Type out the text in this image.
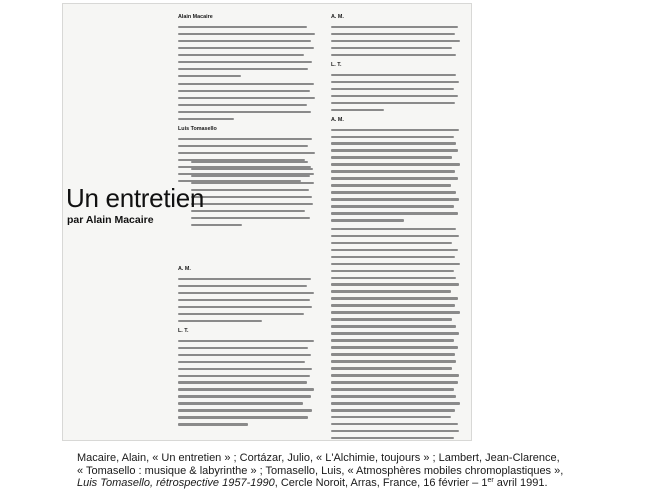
Alain Macaire

Luis Tomasello

Un entretien

par Alain Macaire

A. M.

L. T.

A. M.

L. T.

A. M.

Macaire, Alain, « Un entretien » ; Cortázar, Julio, « L'Alchimie, toujours » ; Lambert, Jean-Clarence,

« Tomasello : musique & labyrinthe » ; Tomasello, Luis, « Atmosphères mobiles chromoplastiques »,

Luis Tomasello, rétrospective 1957-1990, Cercle Noroit, Arras, France, 16 février – 1er avril 1991.
